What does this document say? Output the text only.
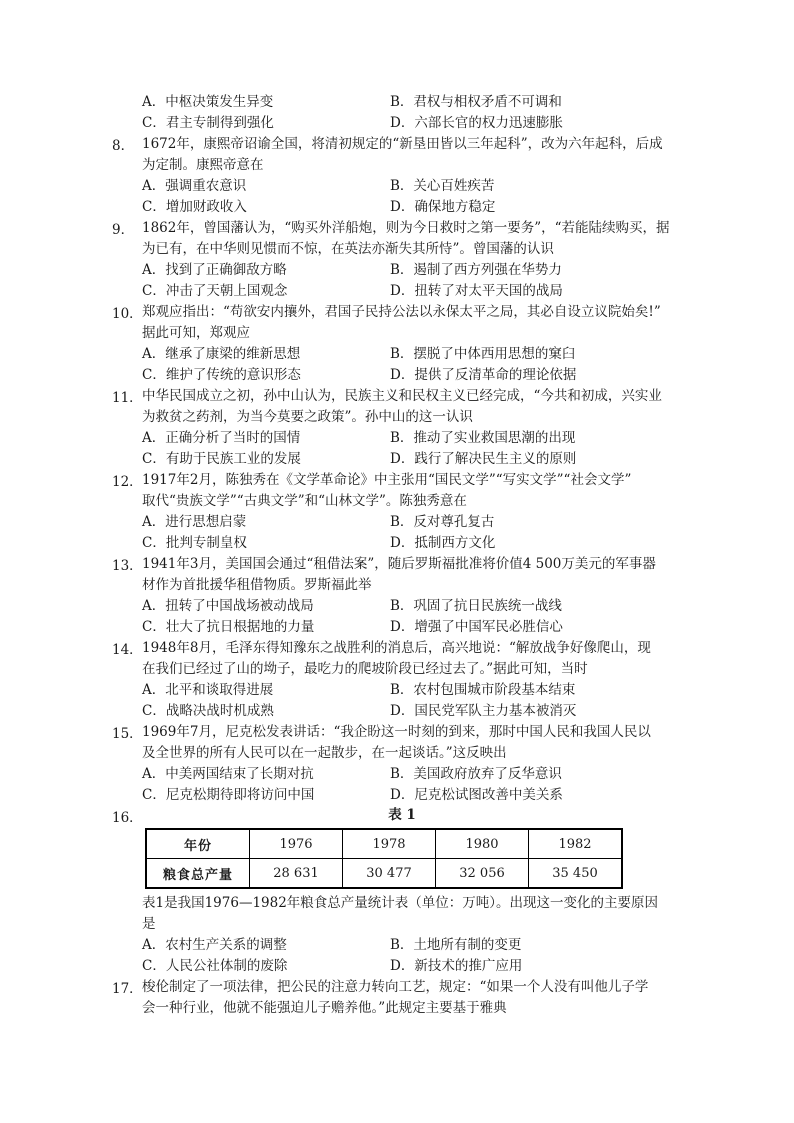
A．中枢决策发生异变	B．君权与相权矛盾不可调和
C．君主专制得到强化	D．六部长官的权力迅速膨胀
8． 1672年，康熙帝诏谕全国，将清初规定的“新垦田皆以三年起科”，改为六年起科，后成
为定制。康熙帝意在
A．强调重农意识	B．关心百姓疾苦
C．增加财政收入	D．确保地方稳定
9． 1862年，曾国藩认为，“购买外洋船炮，则为今日救时之第一要务”，“若能陆续购买，据
为已有，在中华则见惯而不惊，在英法亦渐失其所恃”。曾国藩的认识
A．找到了正确御敌方略	B．遏制了西方列强在华势力
C．冲击了天朝上国观念	D．扭转了对太平天国的战局
10． 郑观应指出：“苟欲安内攘外，君国子民持公法以永保太平之局，其必自设立议院始矣!”
据此可知，郑观应
A．继承了康梁的维新思想	B．摆脱了中体西用思想的窠臼
C．维护了传统的意识形态	D．提供了反清革命的理论依据
11． 中华民国成立之初，孙中山认为，民族主义和民权主义已经完成，“今共和初成，兴实业
为救贫之药剂，为当今莫要之政策”。孙中山的这一认识
A．正确分析了当时的国情	B．推动了实业救国思潮的出现
C．有助于民族工业的发展	D．践行了解决民生主义的原则
12． 1917年2月，陈独秀在《文学革命论》中主张用“国民文学”“写实文学”“社会文学”
取代“贵族文学”“古典文学”和“山林文学”。陈独秀意在
A．进行思想启蒙	B．反对尊孔复古
C．批判专制皇权	D．抵制西方文化
13． 1941年3月，美国国会通过“租借法案”，随后罗斯福批准将价值4 500万美元的军事器
材作为首批援华租借物质。罗斯福此举
A．扭转了中国战场被动战局	B．巩固了抗日民族统一战线
C．壮大了抗日根据地的力量	D．增强了中国军民必胜信心
14． 1948年8月，毛泽东得知豫东之战胜利的消息后，高兴地说：“解放战争好像爬山，现
在我们已经过了山的坳子，最吃力的爬坡阶段已经过去了。”据此可知，当时
A．北平和谈取得进展	B．农村包围城市阶段基本结束
C．战略决战时机成熟	D．国民党军队主力基本被消灭
15． 1969年7月，尼克松发表讲话：“我企盼这一时刻的到来，那时中国人民和我国人民以
及全世界的所有人民可以在一起散步，在一起谈话。”这反映出
A．中美两国结束了长期对抗	B．美国政府放弃了反华意识
C．尼克松期待即将访问中国	D．尼克松试图改善中美关系
16．	表 1
年份	1976	1978	1980	1982
粮食总产量	28 631	30 477	32 056	35 450
表1是我国1976—1982年粮食总产量统计表（单位：万吨）。出现这一变化的主要原因
是
A．农村生产关系的调整	B．土地所有制的变更
C．人民公社体制的废除	D．新技术的推广应用
17． 梭伦制定了一项法律，把公民的注意力转向工艺，规定：“如果一个人没有叫他儿子学
会一种行业，他就不能强迫儿子赡养他。”此规定主要基于雅典
